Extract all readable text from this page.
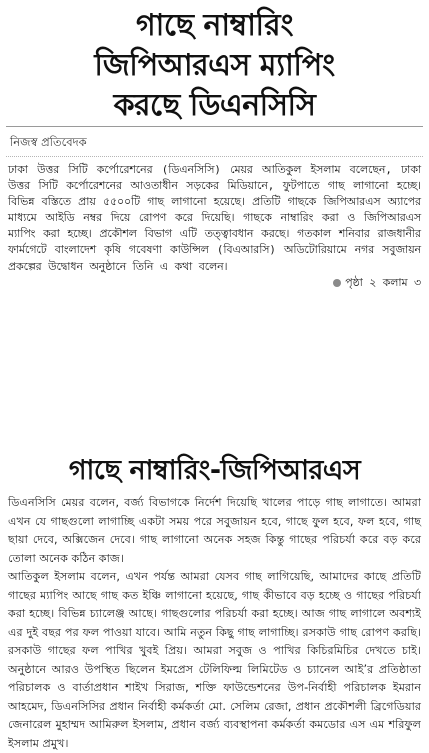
গাছে নাম্বারিং
জিপিআরএস ম্যাপিং
করছে ডিএনসিসি
নিজস্ব প্রতিবেদক

ঢাকা উত্তর সিটি কর্পোরেশনের (ডিএনসিসি) মেয়র আতিকুল ইসলাম বলেছেন, ঢাকা উত্তর সিটি কর্পোরেশনের আওতাধীন সড়কের মিডিয়ানে, ফুটপাতে গাছ লাগানো হচ্ছে। বিভিন্ন বস্তিতে প্রায় ৫৫০০টি গাছ লাগানো হয়েছে। প্রতিটি গাছকে জিপিআরএস অ্যাপের মাধ্যমে আইডি নম্বর দিয়ে রোপণ করে দিয়েছি। গাছকে নাম্বারিং করা ও জিপিআরএস ম্যাপিং করা হচ্ছে। প্রকৌশল বিভাগ এটি তত্ত্বাবধান করছে। গতকাল শনিবার রাজধানীর ফার্মগেটে বাংলাদেশ কৃষি গবেষণা কাউন্সিল (বিএআরসি) অডিটোরিয়ামে নগর সবুজায়ন প্রকল্পের উদ্বোধন অনুষ্ঠানে তিনি এ কথা বলেন।

পৃষ্ঠা ২ কলাম ৩
গাছে নাম্বারিং-জিপিআরএস

ডিএনসিসি মেয়র বলেন, বর্জ্য বিভাগকে নির্দেশ দিয়েছি খালের পাড়ে গাছ লাগাতে। আমরা এখন যে গাছগুলো লাগাচ্ছি একটা সময় পরে সবুজায়ন হবে, গাছে ফুল হবে, ফল হবে, গাছ ছায়া দেবে, অক্সিজেন দেবে। গাছ লাগানো অনেক সহজ কিন্তু গাছের পরিচর্যা করে বড় করে তোলা অনেক কঠিন কাজ।

আতিকুল ইসলাম বলেন, এখন পর্যন্ত আমরা যেসব গাছ লাগিয়েছি, আমাদের কাছে প্রতিটি গাছের ম্যাপিং আছে গাছ কত ইঞ্চি লাগানো হয়েছে, গাছ কীভাবে বড় হচ্ছে ও গাছের পরিচর্যা করা হচ্ছে। বিভিন্ন চ্যালেঞ্জ আছে। গাছগুলোর পরিচর্যা করা হচ্ছে। আজ গাছ লাগালে অবশ্যই এর দুই বছর পর ফল পাওয়া যাবে। আমি নতুন কিছু গাছ লাগাচ্ছি। রসকাউ গাছ রোপণ করছি। রসকাউ গাছের ফল পাখির খুবই প্রিয়। আমরা সবুজ ও পাখির কিচিরমিচির দেখতে চাই। অনুষ্ঠানে আরও উপস্থিত ছিলেন ইমপ্রেস টেলিফিল্ম লিমিটেড ও চ্যানেল আই’র প্রতিষ্ঠাতা পরিচালক ও বার্তাপ্রধান শাইখ সিরাজ, শক্তি ফাউন্ডেশনের উপ-নির্বাহী পরিচালক ইমরান আহমেদ, ডিএনসিসির প্রধান নির্বাহী কর্মকর্তা মো. সেলিম রেজা, প্রধান প্রকৌশলী ব্রিগেডিয়ার জেনারেল মুহাম্মদ আমিরুল ইসলাম, প্রধান বর্জ্য ব্যবস্থাপনা কর্মকর্তা কমডোর এস এম শরিফুল ইসলাম প্রমুখ।
